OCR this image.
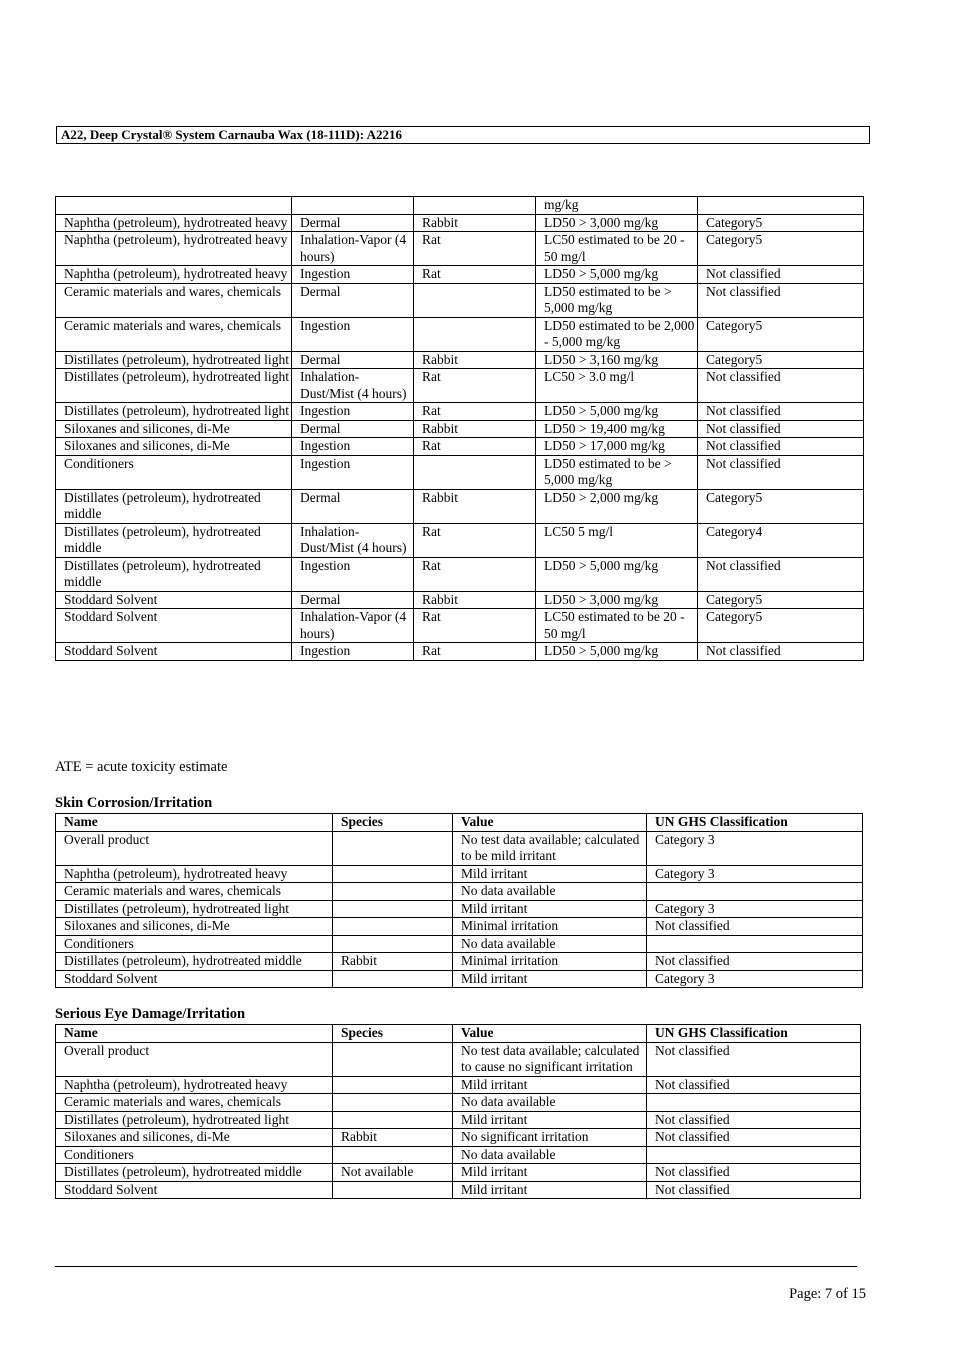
A22, Deep Crystal® System Carnauba Wax (18-111D): A2216
			mg/kg	
Naphtha (petroleum), hydrotreated heavy	Dermal	Rabbit	LD50 > 3,000 mg/kg	Category5
Naphtha (petroleum), hydrotreated heavy	Inhalation-Vapor (4 hours)	Rat	LC50 estimated to be 20 - 50 mg/l	Category5
Naphtha (petroleum), hydrotreated heavy	Ingestion	Rat	LD50 > 5,000 mg/kg	Not classified
Ceramic materials and wares, chemicals	Dermal		LD50 estimated to be > 5,000 mg/kg	Not classified
Ceramic materials and wares, chemicals	Ingestion		LD50 estimated to be 2,000 - 5,000 mg/kg	Category5
Distillates (petroleum), hydrotreated light	Dermal	Rabbit	LD50 > 3,160 mg/kg	Category5
Distillates (petroleum), hydrotreated light	Inhalation-Dust/Mist (4 hours)	Rat	LC50 > 3.0 mg/l	Not classified
Distillates (petroleum), hydrotreated light	Ingestion	Rat	LD50 > 5,000 mg/kg	Not classified
Siloxanes and silicones, di-Me	Dermal	Rabbit	LD50 > 19,400 mg/kg	Not classified
Siloxanes and silicones, di-Me	Ingestion	Rat	LD50 > 17,000 mg/kg	Not classified
Conditioners	Ingestion		LD50 estimated to be > 5,000 mg/kg	Not classified
Distillates (petroleum), hydrotreated middle	Dermal	Rabbit	LD50 > 2,000 mg/kg	Category5
Distillates (petroleum), hydrotreated middle	Inhalation-Dust/Mist (4 hours)	Rat	LC50 5 mg/l	Category4
Distillates (petroleum), hydrotreated middle	Ingestion	Rat	LD50 > 5,000 mg/kg	Not classified
Stoddard Solvent	Dermal	Rabbit	LD50 > 3,000 mg/kg	Category5
Stoddard Solvent	Inhalation-Vapor (4 hours)	Rat	LC50 estimated to be 20 - 50 mg/l	Category5
Stoddard Solvent	Ingestion	Rat	LD50 > 5,000 mg/kg	Not classified
ATE = acute toxicity estimate
Skin Corrosion/Irritation
Name	Species	Value	UN GHS Classification
Overall product		No test data available; calculated to be mild irritant	Category 3
Naphtha (petroleum), hydrotreated heavy		Mild irritant	Category 3
Ceramic materials and wares, chemicals		No data available	
Distillates (petroleum), hydrotreated light		Mild irritant	Category 3
Siloxanes and silicones, di-Me		Minimal irritation	Not classified
Conditioners		No data available	
Distillates (petroleum), hydrotreated middle	Rabbit	Minimal irritation	Not classified
Stoddard Solvent		Mild irritant	Category 3
Serious Eye Damage/Irritation
Name	Species	Value	UN GHS Classification
Overall product		No test data available; calculated to cause no significant irritation	Not classified
Naphtha (petroleum), hydrotreated heavy		Mild irritant	Not classified
Ceramic materials and wares, chemicals		No data available	
Distillates (petroleum), hydrotreated light		Mild irritant	Not classified
Siloxanes and silicones, di-Me	Rabbit	No significant irritation	Not classified
Conditioners		No data available	
Distillates (petroleum), hydrotreated middle	Not available	Mild irritant	Not classified
Stoddard Solvent		Mild irritant	Not classified
Page: 7 of 15
